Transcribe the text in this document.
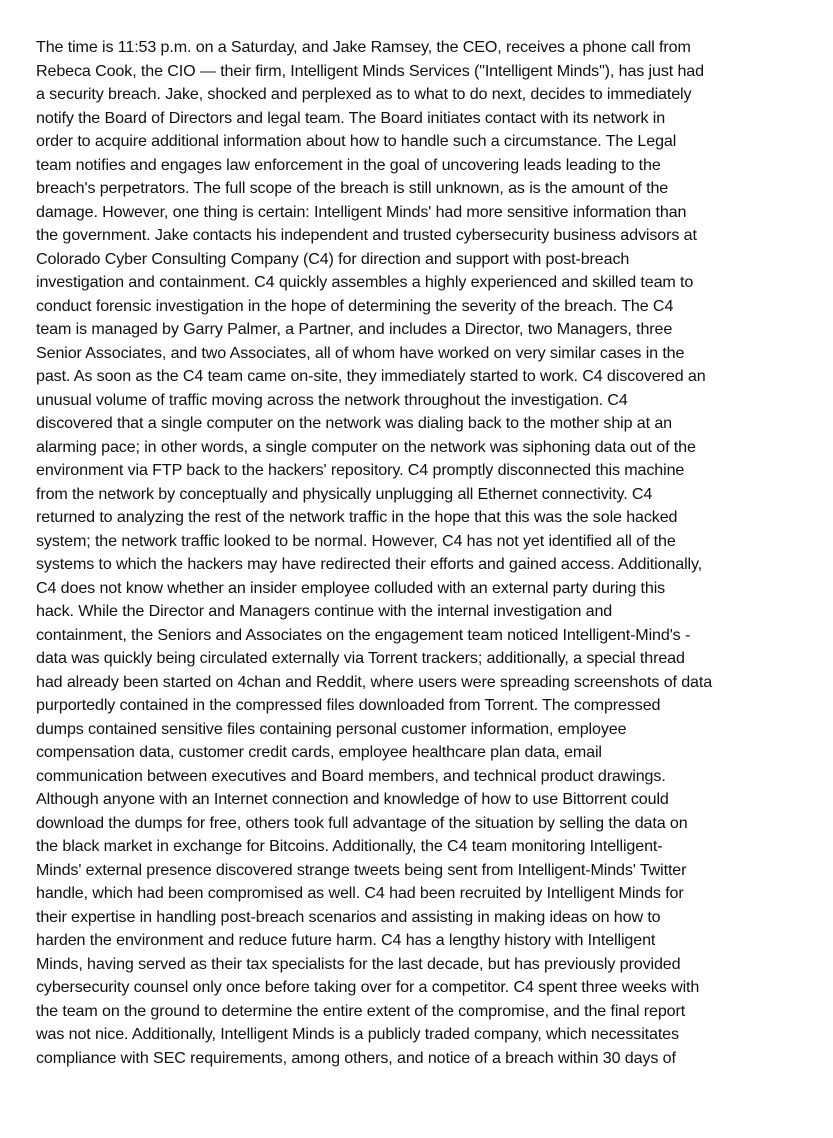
The time is 11:53 p.m. on a Saturday, and Jake Ramsey, the CEO, receives a phone call from
Rebeca Cook, the CIO — their firm, Intelligent Minds Services ("Intelligent Minds"), has just had
a security breach. Jake, shocked and perplexed as to what to do next, decides to immediately
notify the Board of Directors and legal team. The Board initiates contact with its network in
order to acquire additional information about how to handle such a circumstance. The Legal
team notifies and engages law enforcement in the goal of uncovering leads leading to the
breach's perpetrators. The full scope of the breach is still unknown, as is the amount of the
damage. However, one thing is certain: Intelligent Minds' had more sensitive information than
the government. Jake contacts his independent and trusted cybersecurity business advisors at
Colorado Cyber Consulting Company (C4) for direction and support with post-breach
investigation and containment. C4 quickly assembles a highly experienced and skilled team to
conduct forensic investigation in the hope of determining the severity of the breach. The C4
team is managed by Garry Palmer, a Partner, and includes a Director, two Managers, three
Senior Associates, and two Associates, all of whom have worked on very similar cases in the
past. As soon as the C4 team came on-site, they immediately started to work. C4 discovered an
unusual volume of traffic moving across the network throughout the investigation. C4
discovered that a single computer on the network was dialing back to the mother ship at an
alarming pace; in other words, a single computer on the network was siphoning data out of the
environment via FTP back to the hackers' repository. C4 promptly disconnected this machine
from the network by conceptually and physically unplugging all Ethernet connectivity. C4
returned to analyzing the rest of the network traffic in the hope that this was the sole hacked
system; the network traffic looked to be normal. However, C4 has not yet identified all of the
systems to which the hackers may have redirected their efforts and gained access. Additionally,
C4 does not know whether an insider employee colluded with an external party during this
hack. While the Director and Managers continue with the internal investigation and
containment, the Seniors and Associates on the engagement team noticed Intelligent-Mind's -
data was quickly being circulated externally via Torrent trackers; additionally, a special thread
had already been started on 4chan and Reddit, where users were spreading screenshots of data
purportedly contained in the compressed files downloaded from Torrent. The compressed
dumps contained sensitive files containing personal customer information, employee
compensation data, customer credit cards, employee healthcare plan data, email
communication between executives and Board members, and technical product drawings.
Although anyone with an Internet connection and knowledge of how to use Bittorrent could
download the dumps for free, others took full advantage of the situation by selling the data on
the black market in exchange for Bitcoins. Additionally, the C4 team monitoring Intelligent-
Minds' external presence discovered strange tweets being sent from Intelligent-Minds' Twitter
handle, which had been compromised as well. C4 had been recruited by Intelligent Minds for
their expertise in handling post-breach scenarios and assisting in making ideas on how to
harden the environment and reduce future harm. C4 has a lengthy history with Intelligent
Minds, having served as their tax specialists for the last decade, but has previously provided
cybersecurity counsel only once before taking over for a competitor. C4 spent three weeks with
the team on the ground to determine the entire extent of the compromise, and the final report
was not nice. Additionally, Intelligent Minds is a publicly traded company, which necessitates
compliance with SEC requirements, among others, and notice of a breach within 30 days of
